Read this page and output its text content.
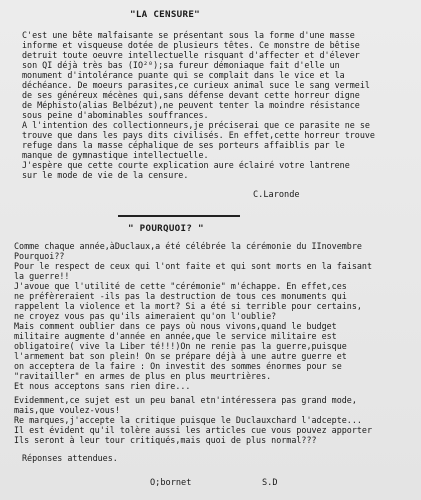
"LA CENSURE"
C'est une bête malfaisante se présentant sous la forme d'une masse
informe et visqueuse dotée de plusieurs têtes. Ce monstre de bêtise
detruit toute oeuvre intellectuelle risquant d'affecter et d'élever
son QI déjà très bas (IO²⁰);sa fureur démoniaque fait d'elle un
monument d'intolérance puante qui se complait dans le vice et la
déchéance. De moeurs parasites,ce curieux animal suce le sang vermeil
de ses généreux mécènes qui,sans défense devant cette horreur digne
de Méphisto(alias Belbézut),ne peuvent tenter la moindre résistance
sous peine d'abominables souffrances.
A l'intention des collectionneurs,je préciserai que ce parasite ne se
trouve que dans les pays dits civilisés. En effet,cette horreur trouve
refuge dans la masse céphalique de ses porteurs affaiblis par le
manque de gymnastique intellectuelle.
J'espère que cette courte explication aure éclairé votre lantrene
sur le mode de vie de la censure.
C.Laronde
" POURQUOI? "
Comme chaque année,àDuclaux,a été célébrée la cérémonie du IInovembre
Pourquoi??
Pour le respect de ceux qui l'ont faite et qui sont morts en la faisant
la guerre!!
J'avoue que l'utilité de cette "cérémonie" m'échappe. En effet,ces
ne préfèreraient -ils pas la destruction de tous ces monuments qui
rappelent la violence et la mort? Si a été si terrible pour certains,
ne croyez vous pas qu'ils aimeraient qu'on l'oublie?
Mais comment oublier dans ce pays où nous vivons,quand le budget
militaire augmente d'année en année,que le service militaire est
obligatoire( vive la Liber té!!!)On ne renie pas la guerre,puisque
l'armement bat son plein! On se prépare déjà à une autre guerre et
on acceptera de la faire : On investit des sommes énormes pour se
"ravitailler" en armes de plus en plus meurtrières.
Et nous acceptons sans rien dire...
Evidemment,ce sujet est un peu banal etn'intéressera pas grand mode,
mais,que voulez-vous!
Re marques,j'accepte la critique puisque le Duclauxchard l'adcepte...
Il est évident qu'il tolère aussi les articles cue vous pouvez apporter
Ils seront à leur tour critiqués,mais quoi de plus normal???
Réponses attendues.
O;bornet	S.D
